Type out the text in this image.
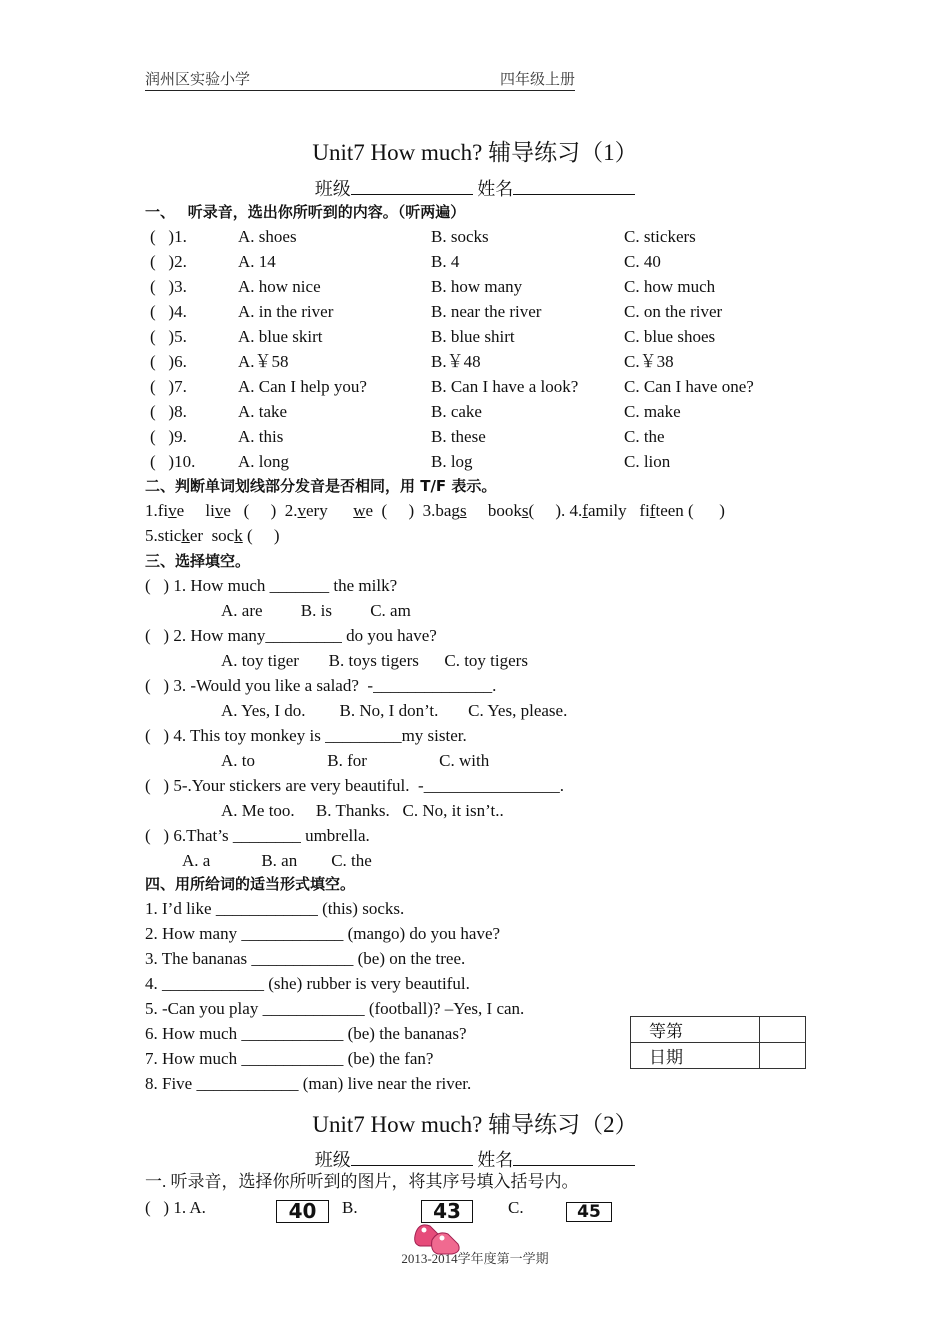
润州区实验小学	四年级上册
Unit7 How much? 辅导练习（1）
班级	姓名
一、　 听录音，选出你所听到的内容。（听两遍）
(   )1.	A. shoes	B. socks	C. stickers
(   )2.	A. 14	B. 4	C. 40
(   )3.	A. how nice	B. how many	C. how much
(   )4.	A. in the river	B. near the river	C. on the river
(   )5.	A. blue skirt	B. blue shirt	C. blue shoes
(   )6.	A.￥58	B.￥48	C.￥38
(   )7.	A. Can I help you?	B. Can I have a look?	C. Can I have one?
(   )8.	A. take	B. cake	C. make
(   )9.	A. this	B. these	C. the
(   )10.	A. long	B. log	C. lion
二、判断单词划线部分发音是否相同，用 T/F 表示。
1.five     live   (     )  2.very      we  (     )  3.bags     books(     ). 4.family   fifteen (      )
5.sticker  sock (     )
三、选择填空。
(   ) 1. How much _______ the milk?
A. are         B. is         C. am
(   ) 2. How many_________ do you have?
A. toy tiger       B. toys tigers      C. toy tigers
(   ) 3. -Would you like a salad?  -______________.
A. Yes, I do.        B. No, I don’t.       C. Yes, please.
(   ) 4. This toy monkey is _________my sister.
A. to                 B. for                 C. with
(   ) 5-.Your stickers are very beautiful.  -________________.
A. Me too.     B. Thanks.   C. No, it isn’t..
(   ) 6.That’s ________ umbrella.
A. a            B. an        C. the
四、用所给词的适当形式填空。
1. I’d like ____________ (this) socks.
2. How many ____________ (mango) do you have?
3. The bananas ____________ (be) on the tree.
4. ____________ (she) rubber is very beautiful.
5. -Can you play ____________ (football)? –Yes, I can.
6. How much ____________ (be) the bananas?
7. How much ____________ (be) the fan?
8. Five ____________ (man) live near the river.
等第	
日期	
Unit7 How much? 辅导练习（2）
班级	姓名
一. 听录音，选择你所听到的图片，将其序号填入括号内。
(   ) 1. A.	40	B.	43	C.	45
2013-2014学年度第一学期
